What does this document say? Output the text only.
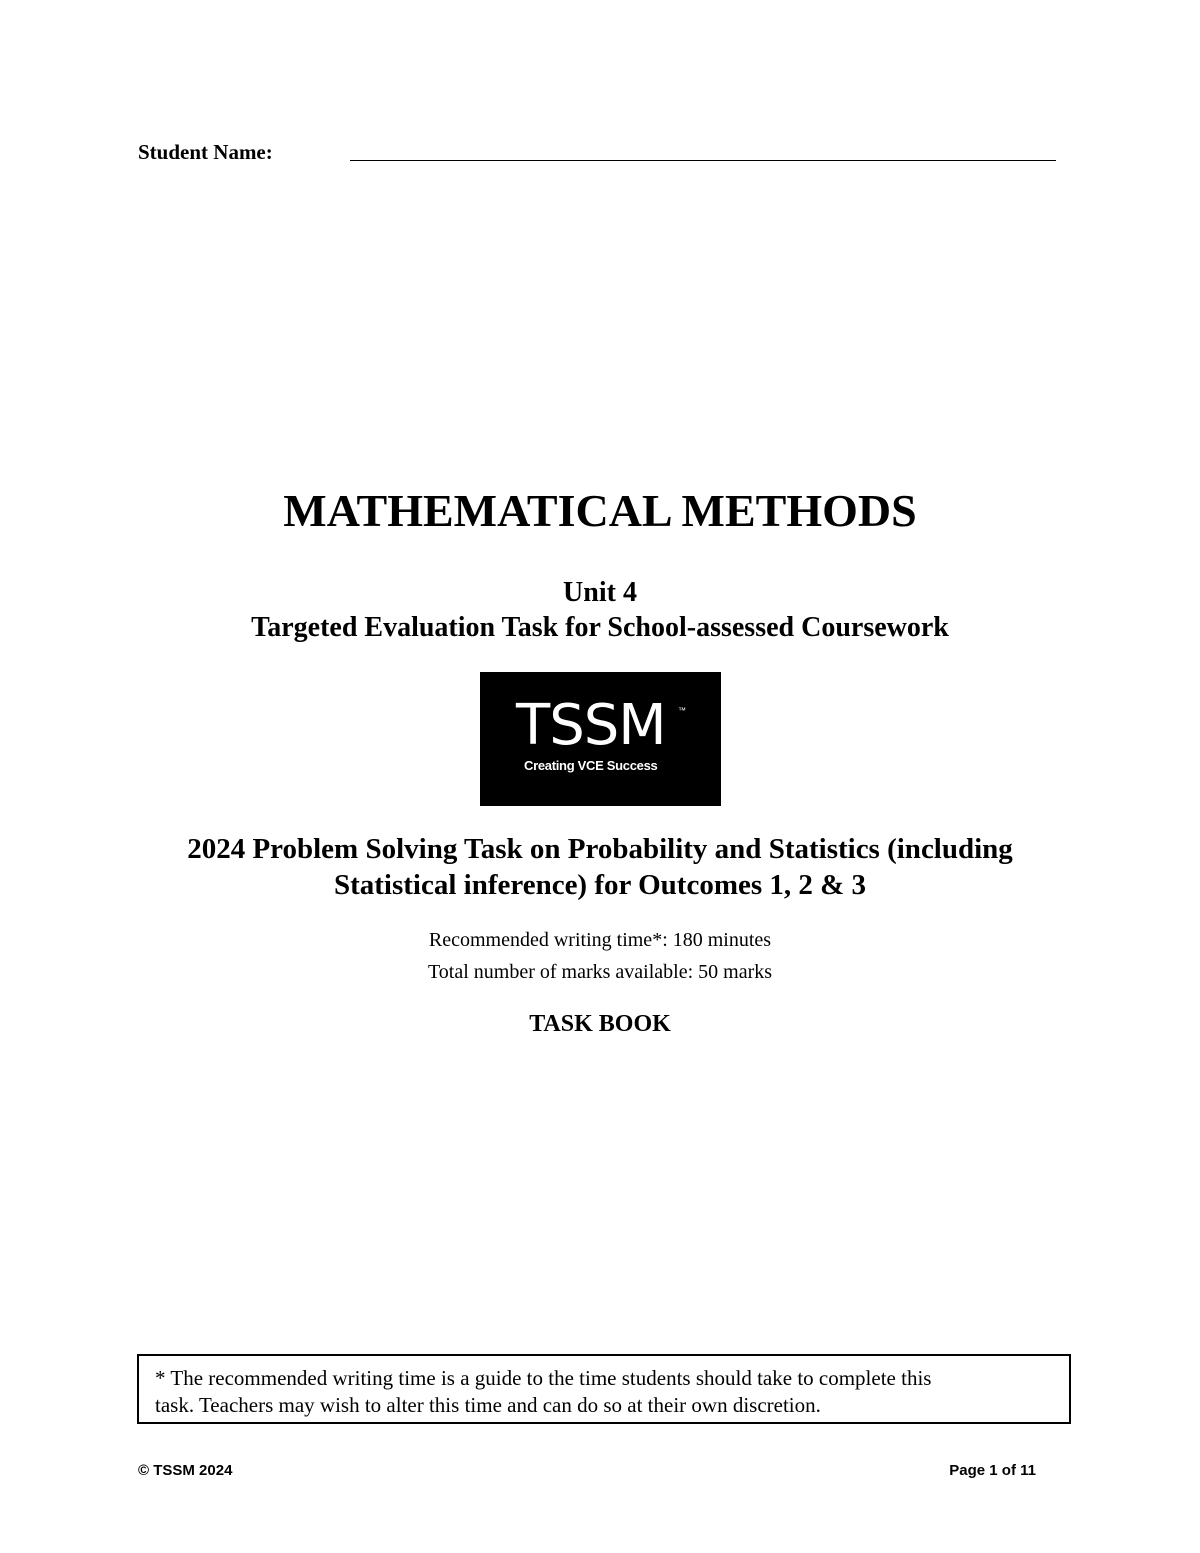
Student Name:
MATHEMATICAL METHODS
Unit 4
Targeted Evaluation Task for School-assessed Coursework
TSSM ™
Creating VCE Success
2024 Problem Solving Task on Probability and Statistics (including
Statistical inference) for Outcomes 1, 2 & 3
Recommended writing time*: 180 minutes
Total number of marks available: 50 marks
TASK BOOK
* The recommended writing time is a guide to the time students should take to complete this
task. Teachers may wish to alter this time and can do so at their own discretion.
© TSSM 2024	Page 1 of 11
